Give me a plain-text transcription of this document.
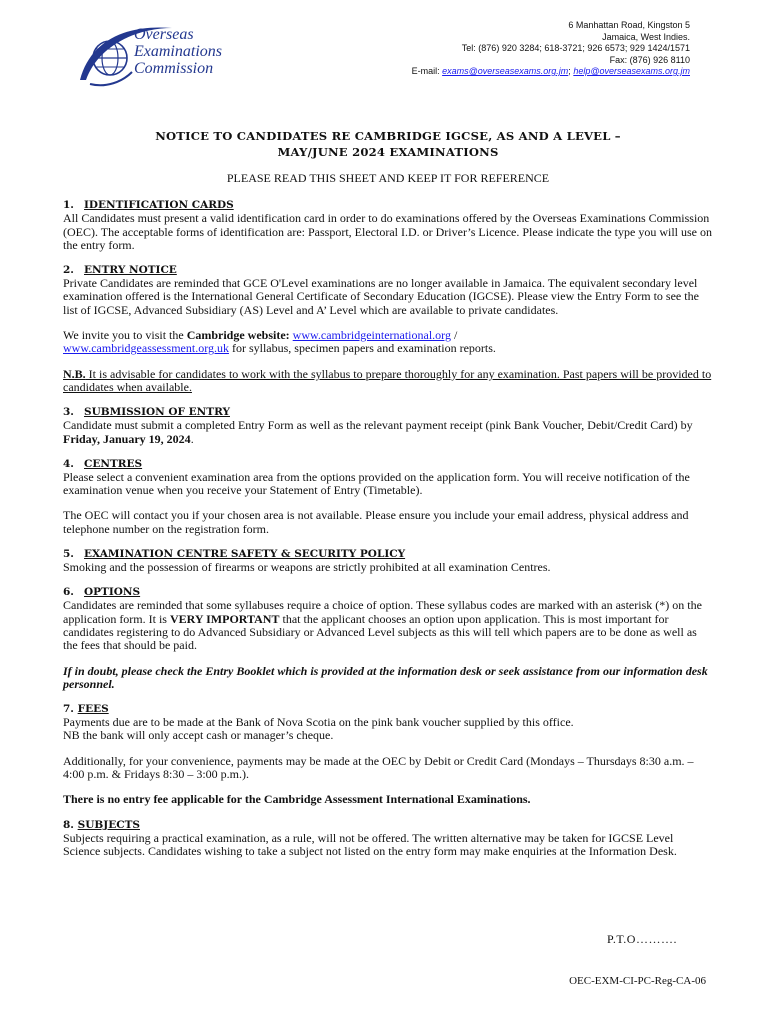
Overseas
Examinations
Commission
6 Manhattan Road, Kingston 5
Jamaica, West Indies.
Tel: (876) 920 3284; 618-3721; 926 6573; 929 1424/1571
Fax: (876) 926 8110
E-mail: exams@overseasexams.org.jm; help@overseasexams.org.jm
NOTICE TO CANDIDATES RE CAMBRIDGE IGCSE, AS AND A LEVEL –
MAY/JUNE 2024 EXAMINATIONS
PLEASE READ THIS SHEET AND KEEP IT FOR REFERENCE
1. IDENTIFICATION CARDS

All Candidates must present a valid identification card in order to do examinations offered by the Overseas Examinations Commission (OEC). The acceptable forms of identification are: Passport, Electoral I.D. or Driver’s Licence. Please indicate the type you will use on the entry form.

2. ENTRY NOTICE

Private Candidates are reminded that GCE O'Level examinations are no longer available in Jamaica. The equivalent secondary level examination offered is the International General Certificate of Secondary Education (IGCSE). Please view the Entry Form to see the list of IGCSE, Advanced Subsidiary (AS) Level and A’ Level which are available to private candidates.

We invite you to visit the Cambridge website: www.cambridgeinternational.org /
www.cambridgeassessment.org.uk for syllabus, specimen papers and examination reports.

N.B. It is advisable for candidates to work with the syllabus to prepare thoroughly for any examination. Past papers will be provided to candidates when available.

3. SUBMISSION OF ENTRY

Candidate must submit a completed Entry Form as well as the relevant payment receipt (pink Bank Voucher, Debit/Credit Card) by Friday, January 19, 2024.

4. CENTRES

Please select a convenient examination area from the options provided on the application form. You will receive notification of the examination venue when you receive your Statement of Entry (Timetable).

The OEC will contact you if your chosen area is not available. Please ensure you include your email address, physical address and telephone number on the registration form.

5. EXAMINATION CENTRE SAFETY & SECURITY POLICY

Smoking and the possession of firearms or weapons are strictly prohibited at all examination Centres.

6. OPTIONS

Candidates are reminded that some syllabuses require a choice of option. These syllabus codes are marked with an asterisk (*) on the application form. It is VERY IMPORTANT that the applicant chooses an option upon application. This is most important for candidates registering to do Advanced Subsidiary or Advanced Level subjects as this will tell which papers are to be done as well as the fees that should be paid.

If in doubt, please check the Entry Booklet which is provided at the information desk or seek assistance from our information desk personnel.

7. FEES

Payments due are to be made at the Bank of Nova Scotia on the pink bank voucher supplied by this office.

NB the bank will only accept cash or manager’s cheque.

Additionally, for your convenience, payments may be made at the OEC by Debit or Credit Card (Mondays – Thursdays 8:30 a.m. – 4:00 p.m. & Fridays 8:30 – 3:00 p.m.).

There is no entry fee applicable for the Cambridge Assessment International Examinations.

8. SUBJECTS

Subjects requiring a practical examination, as a rule, will not be offered. The written alternative may be taken for IGCSE Level Science subjects. Candidates wishing to take a subject not listed on the entry form may make enquiries at the Information Desk.

P.T.O……….
OEC-EXM-CI-PC-Reg-CA-06
